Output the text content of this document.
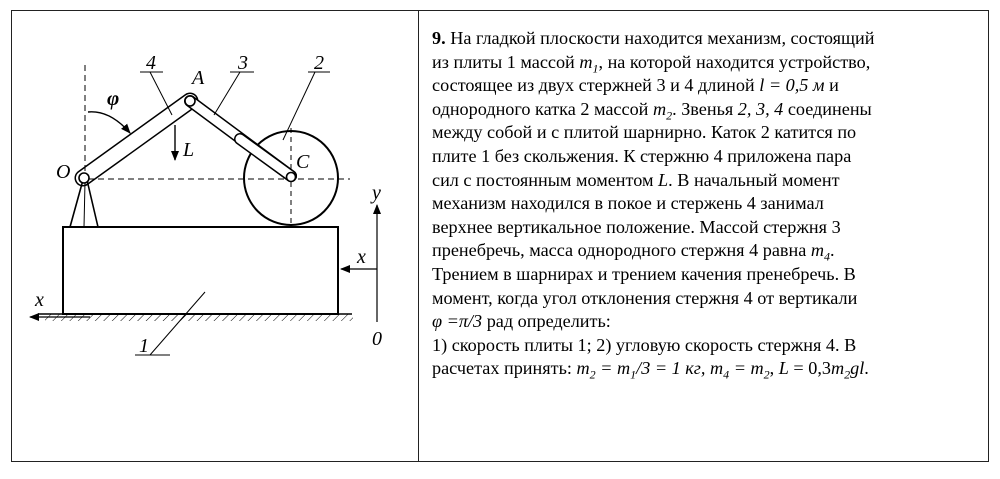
4
A
3	2
φ
L
O	C
y
x
x
0
1
9. На гладкой плоскости находится механизм, состоящий
из плиты 1 массой $m_1$, на которой находится устройство,
состоящее из двух стержней 3 и 4 длиной l = 0,5 м и
однородного катка 2 массой $m_2$. Звенья 2, 3, 4 соединены
между собой и с плитой шарнирно. Каток 2 катится по
плите 1 без скольжения. К стержню 4 приложена пара
сил с постоянным моментом L. В начальный момент
механизм находился в покое и стержень 4 занимал
верхнее вертикальное положение. Массой стержня 3
пренебречь, масса однородного стержня 4 равна $m_4$.
Трением в шарнирах и трением качения пренебречь. В
момент, когда угол отклонения стержня 4 от вертикали
φ =π/3 рад определить:
1) скорость плиты 1; 2) угловую скорость стержня 4. В
расчетах принять: $m_2 = m_1/3 = 1$ кг, $m_4 = m_2$, $L = 0,3m_2gl$.
